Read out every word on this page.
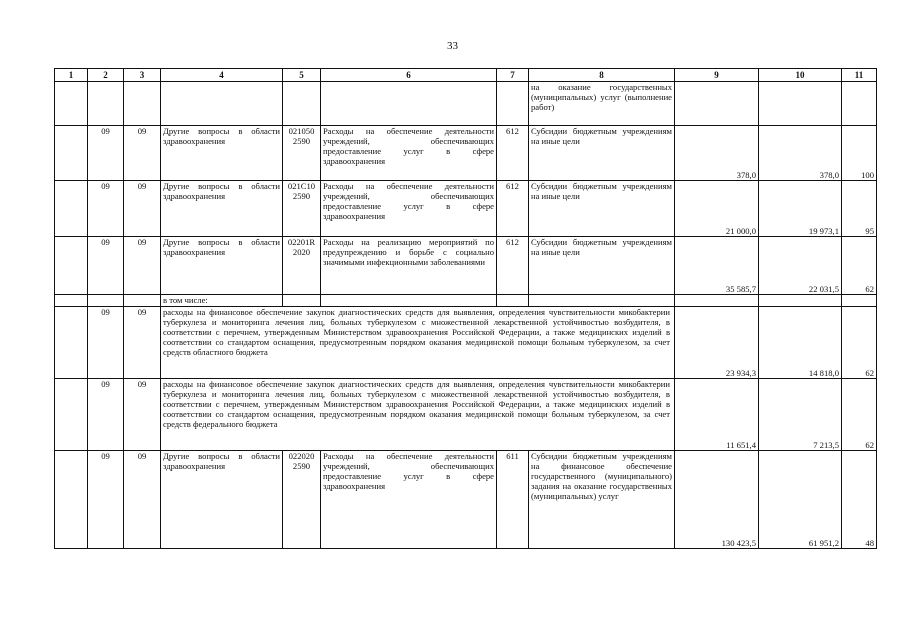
33
1	2	3	4	5	6	7	8	9	10	11
							на оказание государственных (муниципальных) услуг (выполнение работ)			
	09	09	Другие вопросы в области здравоохранения	021050 2590	Расходы на обеспечение деятельности учреждений, обеспечивающих предоставление услуг в сфере здравоохранения	612	Субсидии бюджетным учреждениям на иные цели	378,0	378,0	100
	09	09	Другие вопросы в области здравоохранения	021С10 2590	Расходы на обеспечение деятельности учреждений, обеспечивающих предоставление услуг в сфере здравоохранения	612	Субсидии бюджетным учреждениям на иные цели	21 000,0	19 973,1	95
	09	09	Другие вопросы в области здравоохранения	02201R 2020	Расходы на реализацию мероприятий по предупреждению и борьбе с социально значимыми инфекционными заболеваниями	612	Субсидии бюджетным учреждениям на иные цели	35 585,7	22 031,5	62
			в том числе:							
	09	09	расходы на финансовое обеспечение закупок диагностических средств для выявления, определения чувствительности микобактерии туберкулеза и мониторинга лечения лиц, больных туберкулезом с множественной лекарственной устойчивостью возбудителя, в соответствии с перечнем, утвержденным Министерством здравоохранения Российской Федерации, а также медицинских изделий в соответствии со стандартом оснащения, предусмотренным порядком оказания медицинской помощи больным туберкулезом, за счет средств областного бюджета					23 934,3	14 818,0	62
	09	09	расходы на финансовое обеспечение закупок диагностических средств для выявления, определения чувствительности микобактерии туберкулеза и мониторинга лечения лиц, больных туберкулезом с множественной лекарственной устойчивостью возбудителя, в соответствии с перечнем, утвержденным Министерством здравоохранения Российской Федерации, а также медицинских изделий в соответствии со стандартом оснащения, предусмотренным порядком оказания медицинской помощи больным туберкулезом, за счет средств федерального бюджета					11 651,4	7 213,5	62
	09	09	Другие вопросы в области здравоохранения	022020 2590	Расходы на обеспечение деятельности учреждений, обеспечивающих предоставление услуг в сфере здравоохранения	611	Субсидии бюджетным учреждениям на финансовое обеспечение государственного (муниципального) задания на оказание государственных (муниципальных) услуг	130 423,5	61 951,2	48
